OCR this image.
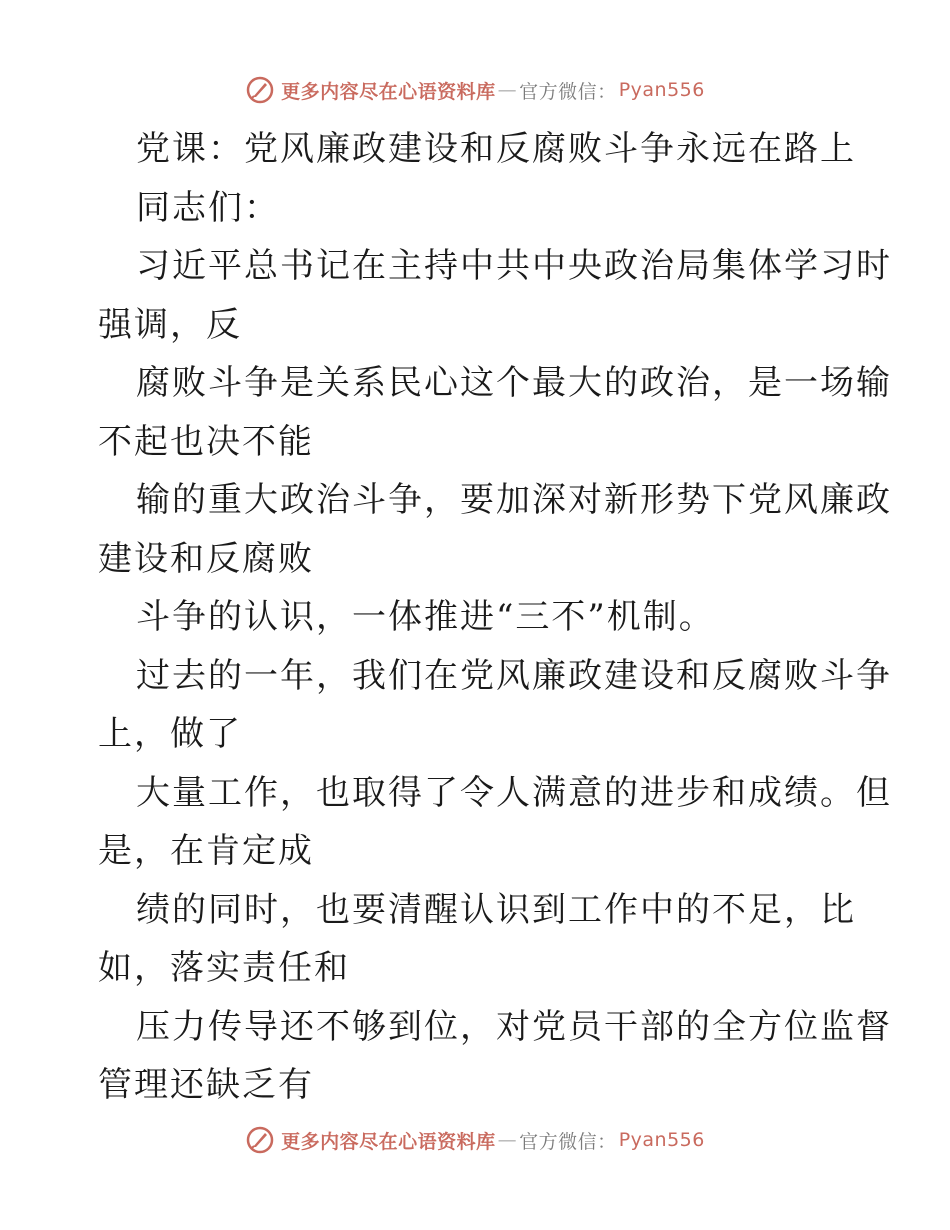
更多内容尽在心语资料库 — 官方微信： Pyan556
党课：党风廉政建设和反腐败斗争永远在路上
同志们：
习近平总书记在主持中共中央政治局集体学习时
强调，反
腐败斗争是关系民心这个最大的政治，是一场输
不起也决不能
输的重大政治斗争，要加深对新形势下党风廉政
建设和反腐败
斗争的认识，一体推进“三不”机制。
过去的一年，我们在党风廉政建设和反腐败斗争
上，做了
大量工作，也取得了令人满意的进步和成绩。但
是，在肯定成
绩的同时，也要清醒认识到工作中的不足，比
如，落实责任和
压力传导还不够到位，对党员干部的全方位监督
管理还缺乏有
更多内容尽在心语资料库 — 官方微信： Pyan556
